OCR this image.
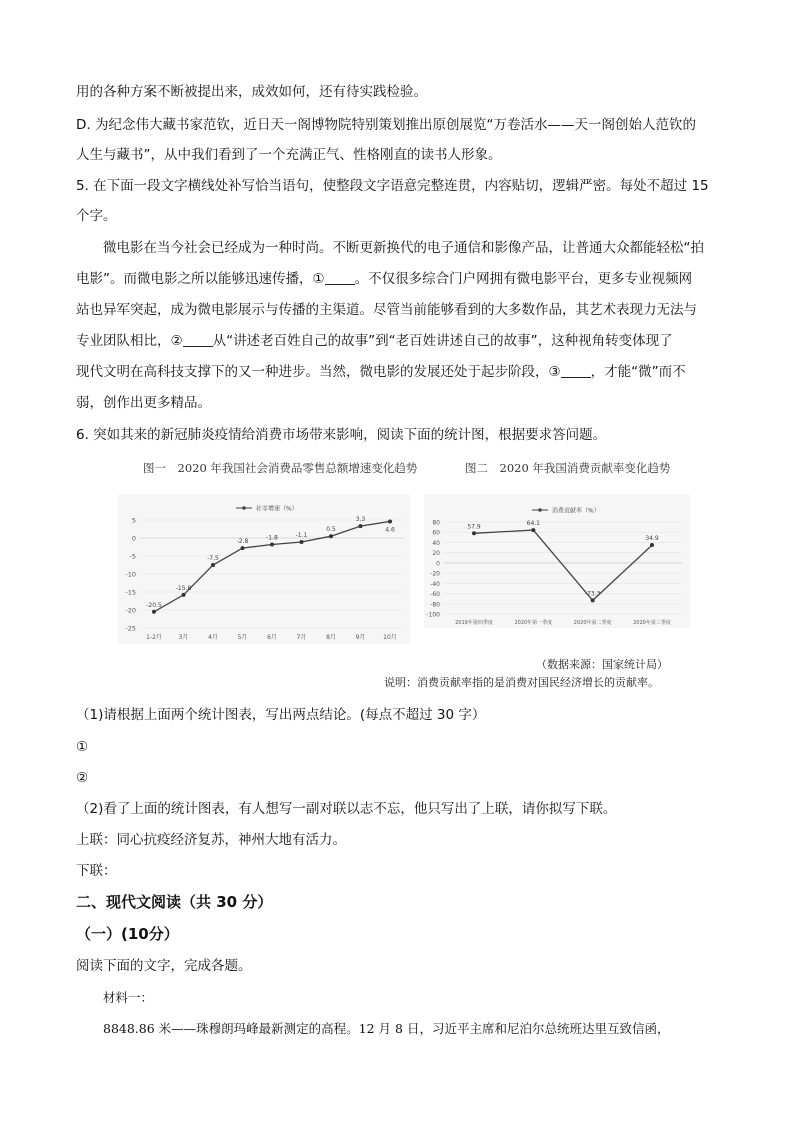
用的各种方案不断被提出来，成效如何，还有待实践检验。
D. 为纪念伟大藏书家范钦，近日天一阁博物院特别策划推出原创展览“万卷活水——天一阁创始人范钦的
人生与藏书”，从中我们看到了一个充满正气、性格刚直的读书人形象。
5. 在下面一段文字横线处补写恰当语句，使整段文字语意完整连贯，内容贴切，逻辑严密。每处不超过 15
个字。
微电影在当今社会已经成为一种时尚。不断更新换代的电子通信和影像产品，让普通大众都能轻松“拍
电影”。而微电影之所以能够迅速传播，① 。不仅很多综合门户网拥有微电影平台，更多专业视频网
站也异军突起，成为微电影展示与传播的主渠道。尽管当前能够看到的大多数作品，其艺术表现力无法与
专业团队相比，② 从“讲述老百姓自己的故事”到“老百姓讲述自己的故事”，这种视角转变体现了
现代文明在高科技支撑下的又一种进步。当然，微电影的发展还处于起步阶段，③ ，才能“微”而不
弱，创作出更多精品。
6. 突如其来的新冠肺炎疫情给消费市场带来影响，阅读下面的统计图，根据要求答问题。
图一　2020 年我国社会消费品零售总额增速变化趋势	图二　2020 年我国消费贡献率变化趋势
5
0
-5
-10
-15
-20
-25
社零增速（%）
-20.5
1-2月
-15.8
3月
-7.5
4月
-2.8
5月
-1.8
6月
-1.1
7月
0.5
8月
3.3
9月
4.6
10月
80
60
40
20
0
-20
-40
-60
-80
-100
消费贡献率（%）
57.9
2019年第四季度
64.1
2020年第一季度
-73.3
2020年第二季度
34.9
2020年第三季度
（数据来源：国家统计局）
说明：消费贡献率指的是消费对国民经济增长的贡献率。
（1)请根据上面两个统计图表，写出两点结论。(每点不超过 30 字）
①
②
（2)看了上面的统计图表，有人想写一副对联以志不忘，他只写出了上联，请你拟写下联。
上联：同心抗疫经济复苏，神州大地有活力。
下联：
二、现代文阅读（共 30 分）
（一）(10分）
阅读下面的文字，完成各题。
材料一：
8848.86 米——珠穆朗玛峰最新测定的高程。12 月 8 日，习近平主席和尼泊尔总统班达里互致信函，
